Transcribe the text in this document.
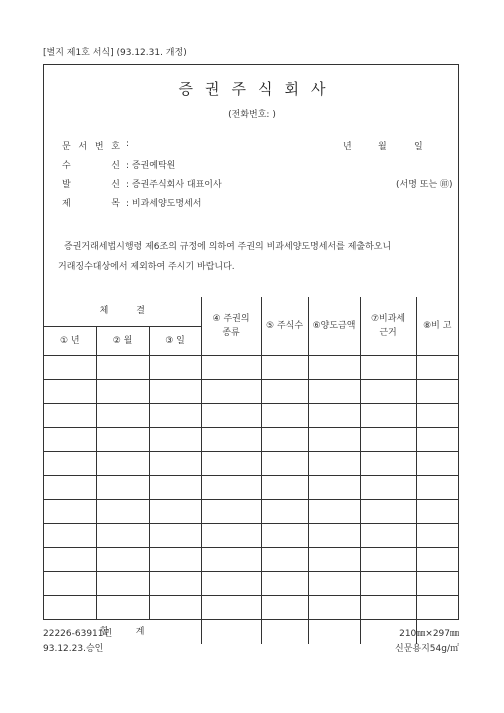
[별지 제1호 서식] (93.12.31. 개정)
증권주식회사
(전화번호: )
문 서 번 호 :	년	월	일
수	신 : 증권예탁원
발	신 : 증권주식회사 대표이사	(서명 또는 ㊞)
제	목 : 비과세양도명세서
증권거래세법시행령 제6조의 규정에 의하여 주권의 비과세양도명세서를 제출하오니 거래징수대상에서 제외하여 주시기 바랍니다.
체결			④ 주권의 종류	⑤ 주식수	⑥양도금액	⑦비과세 근거	⑧비 고
① 년	② 월	③ 일					

합 계							
22226-63911민
93.12.23.승인
210㎜×297㎜
신문용지54g/㎡
